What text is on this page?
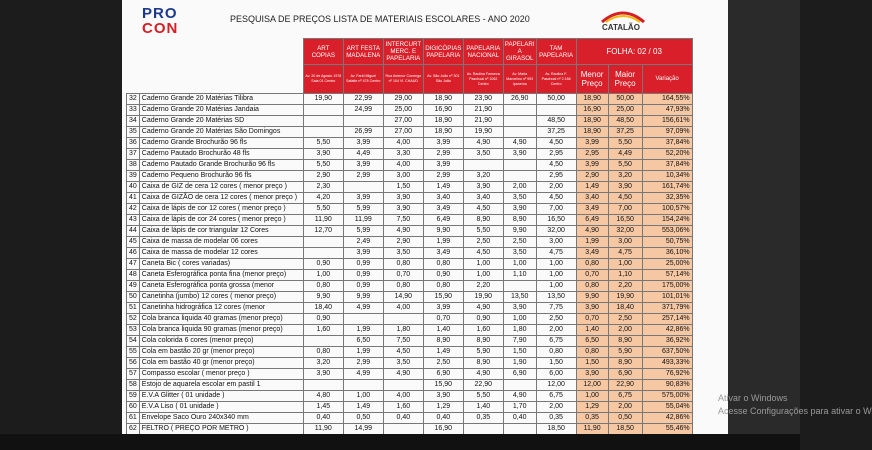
PRO
CON
PESQUISA DE PREÇOS LISTA DE MATERIAIS ESCOLARES - ANO 2020
CATALÃO
		ART COPIAS	ART FESTA MADALENA	INTERCURT MERC. E PAPELARIA	DIGICÓPIAS PAPELARIA	PAPELARIA NACIONAL	PAPELARI A GIRASOL	TAM PAPELARIA	FOLHA: 02 / 03		
		Av. 20 de Agosto 1978 Sala 01 Centro	Av. Farid Miguel Safatle nº 476 Centro	Rua Antenor Conengo nº 104 Vl. CHAUD	Av. São João nº 301 São João	Av. Raulina Fonseca Paschoal nº 1062 Centro	Av. Maria Marcelino nº 993 Ipanema	Av. Raulina F. Paschoal nº 2.166 Centro	Menor Preço	Maior Preço	Variação
32	Caderno Grande 20 Matérias Tilibra	19,90	22,99	29,00	18,90	23,90	26,90	50,00	18,90	50,00	164,55%
33	Caderno Grande 20 Matérias Jandaia		24,99	25,00	16,90	21,90			16,90	25,00	47,93%
34	Caderno Grande 20 Matérias SD			27,00	18,90	21,90		48,50	18,90	48,50	156,61%
35	Caderno Grande 20 Matérias São Domingos		26,99	27,00	18,90	19,90		37,25	18,90	37,25	97,09%
36	Caderno Grande Brochurão 96 fls	5,50	3,99	4,00	3,99	4,90	4,90	4,50	3,99	5,50	37,84%
37	Caderno Pautado Brochurão 48 fls	3,90	4,49	3,30	2,99	3,50	3,90	2,95	2,95	4,49	52,20%
38	Caderno Pautado Grande Brochurão 96 fls	5,50	3,99	4,00	3,99			4,50	3,99	5,50	37,84%
39	Caderno Pequeno Brochurão 96 fls	2,90	2,99	3,00	2,99	3,20		2,95	2,90	3,20	10,34%
40	Caixa de GIZ de cera 12 cores ( menor preço )	2,30		1,50	1,49	3,90	2,00	2,00	1,49	3,90	161,74%
41	Caixa de GIZÃO de cera 12 cores ( menor preço )	4,20	3,99	3,90	3,40	3,40	3,50	4,50	3,40	4,50	32,35%
42	Caixa de lápis de cor 12 cores ( menor preço )	5,50	5,99	3,90	3,49	4,50	3,90	7,00	3,49	7,00	100,57%
43	Caixa de lápis de cor 24 cores ( menor preço )	11,90	11,99	7,50	6,49	8,90	8,90	16,50	6,49	16,50	154,24%
44	Caixa de lápis de cor triangular 12 Cores	12,70	5,99	4,90	9,90	5,50	9,90	32,00	4,90	32,00	553,06%
45	Caixa de massa de modelar 06 cores		2,49	2,90	1,99	2,50	2,50	3,00	1,99	3,00	50,75%
46	Caixa de massa de modelar 12 cores		3,99	3,50	3,49	4,50	3,50	4,75	3,49	4,75	36,10%
47	Caneta Bic ( cores variadas)	0,90	0,99	0,80	0,80	1,00	1,00	1,00	0,80	1,00	25,00%
48	Caneta Esferográfica ponta fina (menor preço)	1,00	0,99	0,70	0,90	1,00	1,10	1,00	0,70	1,10	57,14%
49	Caneta Esferográfica ponta grossa (menor	0,80	0,99	0,80	0,80	2,20		1,00	0,80	2,20	175,00%
50	Canetinha (jumbo) 12 cores ( menor preço)	9,90	9,99	14,90	15,90	19,90	13,50	13,50	9,90	19,90	101,01%
51	Canetinha hidrográfica 12 cores (menor	18,40	4,99	4,00	3,99	4,90	3,90	7,75	3,90	18,40	371,79%
52	Cola branca liquida 40 gramas (menor preço)	0,90			0,70	0,90	1,00	2,50	0,70	2,50	257,14%
53	Cola branca liquida 90 gramas (menor preço)	1,60	1,99	1,80	1,40	1,60	1,80	2,00	1,40	2,00	42,86%
54	Cola colorida 6 cores (menor preço)		6,50	7,50	8,90	8,90	7,90	6,75	6,50	8,90	36,92%
55	Cola em bastão 20 gr (menor preço)	0,80	1,99	4,50	1,49	5,90	1,50	0,80	0,80	5,90	637,50%
56	Cola em bastão 40 gr (menor preço)	3,20	2,99	3,50	2,50	8,90	1,90	1,50	1,50	8,90	493,33%
57	Compasso escolar ( menor preço )	3,90	4,99	4,90	6,90	4,90	6,90	6,00	3,90	6,90	76,92%
58	Estojo de aquarela escolar em pastil 1				15,90	22,90		12,00	12,00	22,90	90,83%
59	E.V.A Glitter ( 01 unidade )	4,80	1,00	4,00	3,90	5,50	4,90	6,75	1,00	6,75	575,00%
60	E.V.A Liso ( 01 unidade )	1,45	1,49	1,60	1,29	1,40	1,70	2,00	1,29	2,00	55,04%
61	Envelope Saco Ouro 240x340 mm	0,40	0,50	0,40	0,40	0,35	0,40	0,35	0,35	0,50	42,86%
62	FELTRO ( PREÇO POR METRO )	11,90	14,99		16,90			18,50	11,90	18,50	55,46%
Ativar o Windows
Acesse Configurações para ativar o W
